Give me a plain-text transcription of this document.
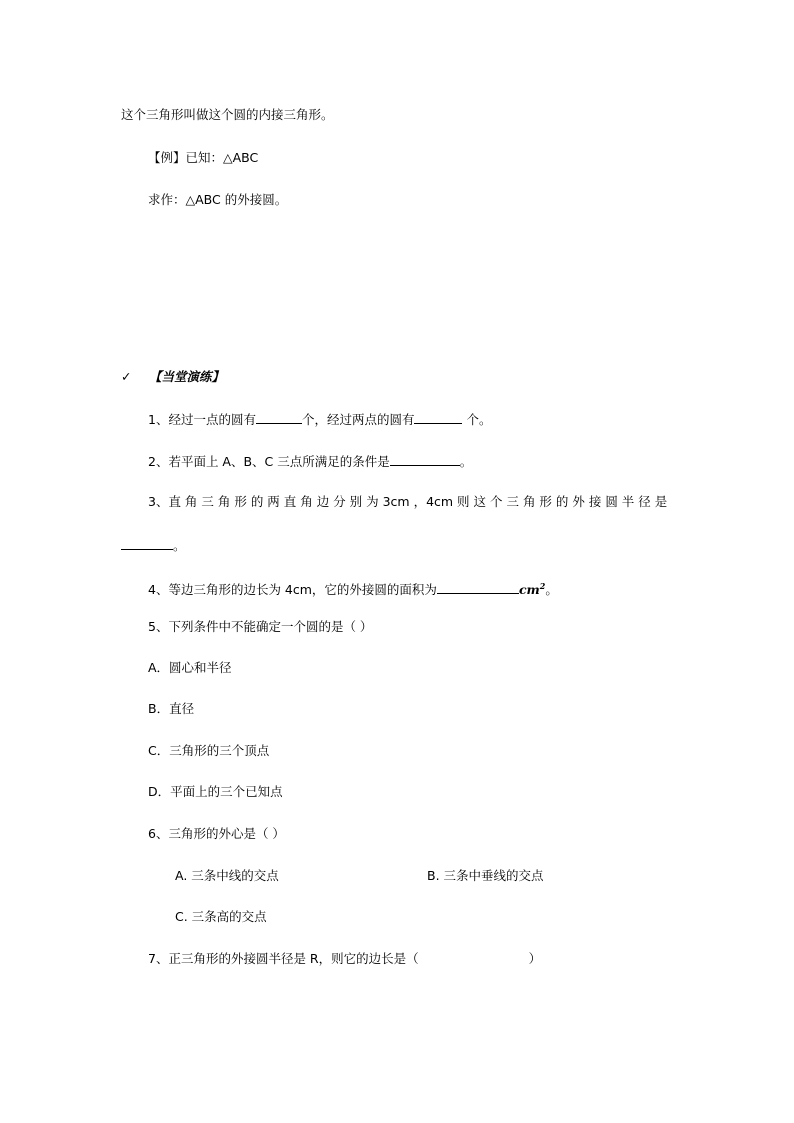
这个三角形叫做这个圆的内接三角形。
【例】已知：△ABC
求作：△ABC 的外接圆。
✓ 【当堂演练】
1、经过一点的圆有	个，经过两点的圆有	个。
2、若平面上 A、B、C 三点所满足的条件是	。
3、直 角 三 角 形 的 两 直 角 边 分 别 为 3cm ，4cm 则 这 个 三 角 形 的 外 接 圆 半 径 是
。
4、等边三角形的边长为 4cm，它的外接圆的面积为	$cm^2$。
5、下列条件中不能确定一个圆的是（ ）
A．圆心和半径
B．直径
C．三角形的三个顶点
D．平面上的三个已知点
6、三角形的外心是（ ）
A. 三条中线的交点	B. 三条中垂线的交点
C. 三条高的交点
7、正三角形的外接圆半径是 R，则它的边长是（	）
